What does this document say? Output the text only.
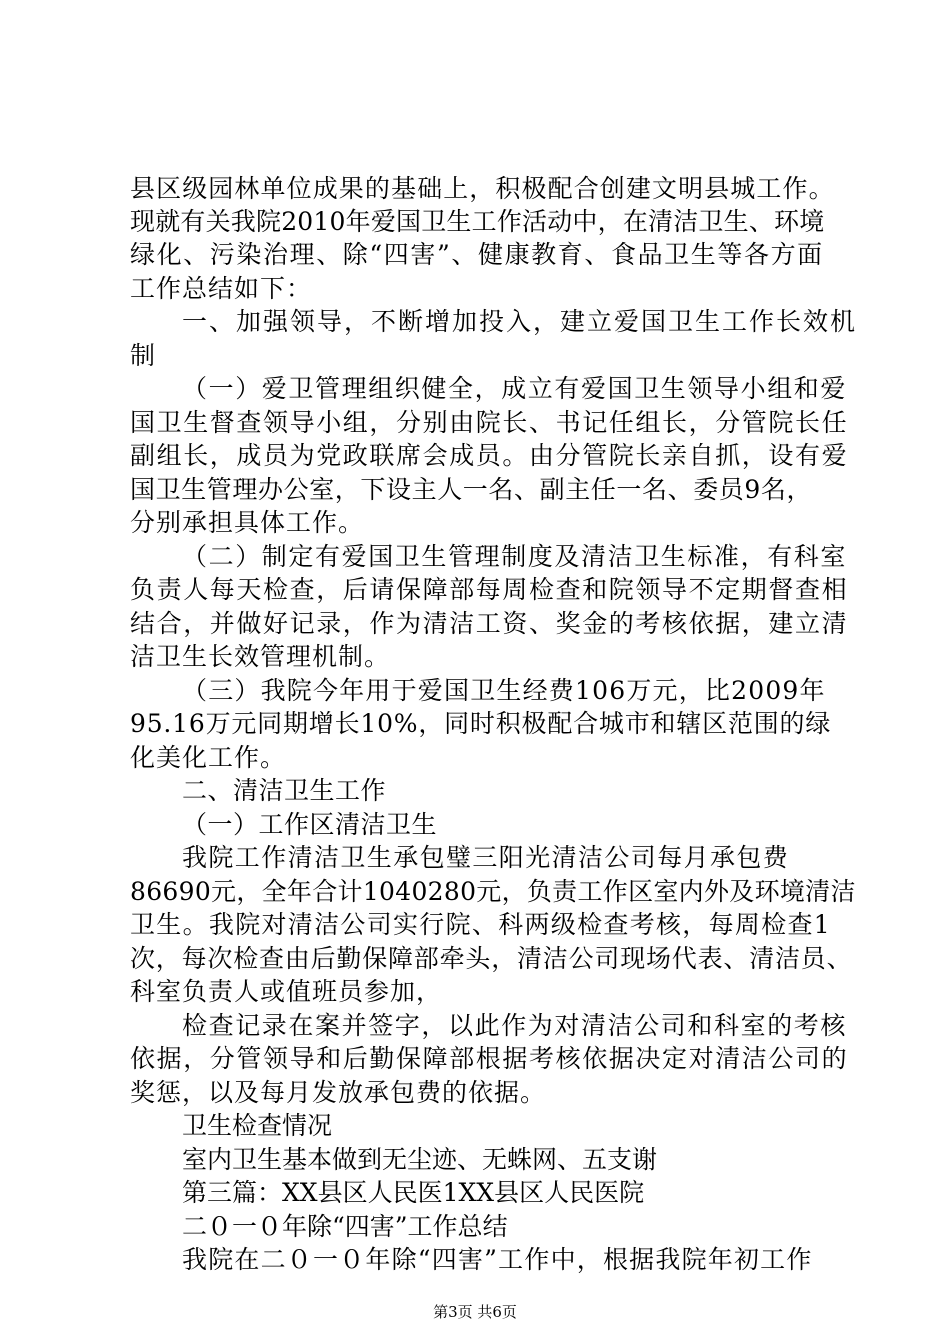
县区级园林单位成果的基础上，积极配合创建文明县城工作。
现就有关我院2010年爱国卫生工作活动中，在清洁卫生、环境
绿化、污染治理、除“四害”、健康教育、食品卫生等各方面
工作总结如下：
一、加强领导，不断增加投入，建立爱国卫生工作长效机
制
（一）爱卫管理组织健全，成立有爱国卫生领导小组和爱
国卫生督查领导小组，分别由院长、书记任组长，分管院长任
副组长，成员为党政联席会成员。由分管院长亲自抓，设有爱
国卫生管理办公室，下设主人一名、副主任一名、委员9名，
分别承担具体工作。
（二）制定有爱国卫生管理制度及清洁卫生标准，有科室
负责人每天检查，后请保障部每周检查和院领导不定期督查相
结合，并做好记录，作为清洁工资、奖金的考核依据，建立清
洁卫生长效管理机制。
（三）我院今年用于爱国卫生经费106万元，比2009年
95.16万元同期增长10%，同时积极配合城市和辖区范围的绿
化美化工作。
二、清洁卫生工作
（一）工作区清洁卫生
我院工作清洁卫生承包璧三阳光清洁公司每月承包费
86690元，全年合计1040280元，负责工作区室内外及环境清洁
卫生。我院对清洁公司实行院、科两级检查考核，每周检查1
次，每次检查由后勤保障部牵头，清洁公司现场代表、清洁员、
科室负责人或值班员参加，
检查记录在案并签字，以此作为对清洁公司和科室的考核
依据，分管领导和后勤保障部根据考核依据决定对清洁公司的
奖惩，以及每月发放承包费的依据。
卫生检查情况
室内卫生基本做到无尘迹、无蛛网、五支谢
第三篇：XX县区人民医1XX县区人民医院
二０一０年除“四害”工作总结
我院在二０一０年除“四害”工作中，根据我院年初工作
第3页 共6页
